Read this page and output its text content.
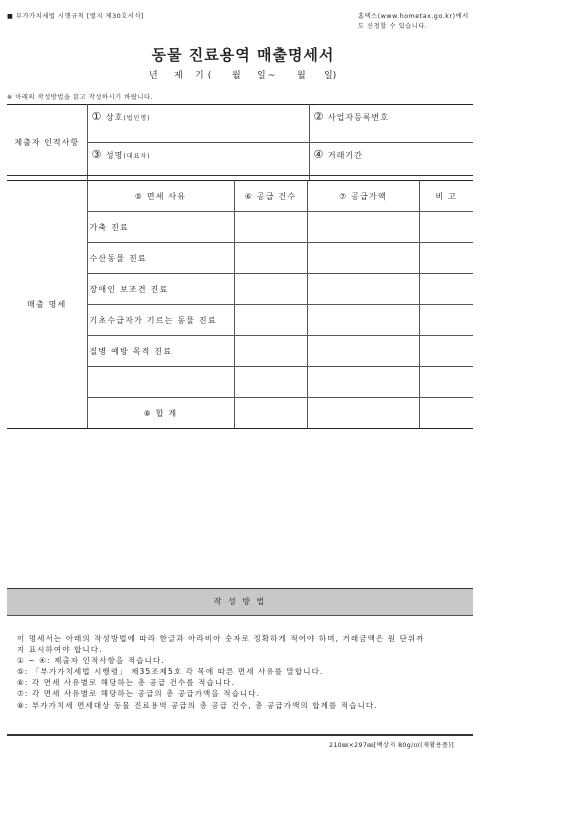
■ 부가가치세법 시행규칙 [별지 제30호서식]	홈택스(www.hometax.go.kr)에서
도 신청할 수 있습니다.
동물 진료용역 매출명세서
년 제 기( 월 일~ 월 일)
※ 아래의 작성방법을 읽고 작성하시기 바랍니다.
제출자 인적사항	① 상호(법인명)	② 사업자등록번호
	③ 성명(대표자)	④ 거래기간
매출 명세	⑤ 면세 사유	⑥ 공급 건수	⑦ 공급가액	비 고
	가축 진료			
	수산동물 진료			
	장애인 보조견 진료			
	기초수급자가 기르는 동물 진료			
	질병 예방 목적 진료			

	⑧ 합 계			
작 성 방 법
이 명세서는 아래의 작성방법에 따라 한글과 아라비아 숫자로 정확하게 적어야 하며, 거래금액은 원 단위까
지 표시하여야 합니다.
① ~ ④: 제출자 인적사항을 적습니다.
⑤: 「부가가치세법 시행령」 제35조제5호 각 목에 따른 면세 사유를 말합니다.
⑥: 각 면세 사유별로 해당하는 총 공급 건수를 적습니다.
⑦: 각 면세 사유별로 해당하는 공급의 총 공급가액을 적습니다.
⑧: 부가가치세 면세대상 동물 진료용역 공급의 총 공급 건수, 총 공급가액의 합계를 적습니다.
210㎜×297㎜[백상지 80g/㎡(재활용품)]
